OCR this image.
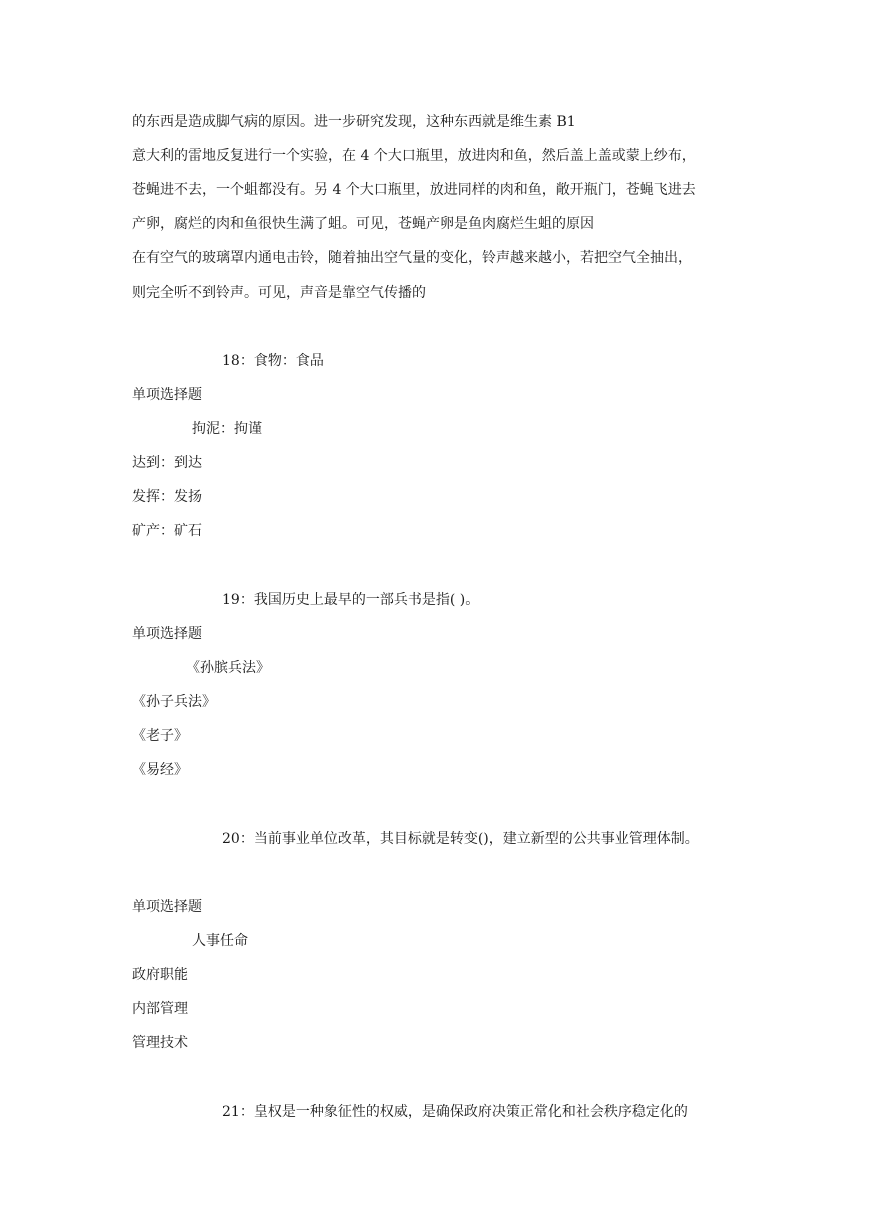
的东西是造成脚气病的原因。进一步研究发现，这种东西就是维生素 B1
意大利的雷地反复进行一个实验，在 4 个大口瓶里，放进肉和鱼，然后盖上盖或蒙上纱布，
苍蝇进不去，一个蛆都没有。另 4 个大口瓶里，放进同样的肉和鱼，敞开瓶门，苍蝇飞进去
产卵，腐烂的肉和鱼很快生满了蛆。可见，苍蝇产卵是鱼肉腐烂生蛆的原因
在有空气的玻璃罩内通电击铃，随着抽出空气量的变化，铃声越来越小，若把空气全抽出，
则完全听不到铃声。可见，声音是靠空气传播的
18：食物：食品
单项选择题
拘泥：拘谨
达到：到达
发挥：发扬
矿产：矿石
19：我国历史上最早的一部兵书是指( )。
单项选择题
《孙膑兵法》
《孙子兵法》
《老子》
《易经》
20：当前事业单位改革，其目标就是转变()，建立新型的公共事业管理体制。
单项选择题
人事任命
政府职能
内部管理
管理技术
21：皇权是一种象征性的权威，是确保政府决策正常化和社会秩序稳定化的
